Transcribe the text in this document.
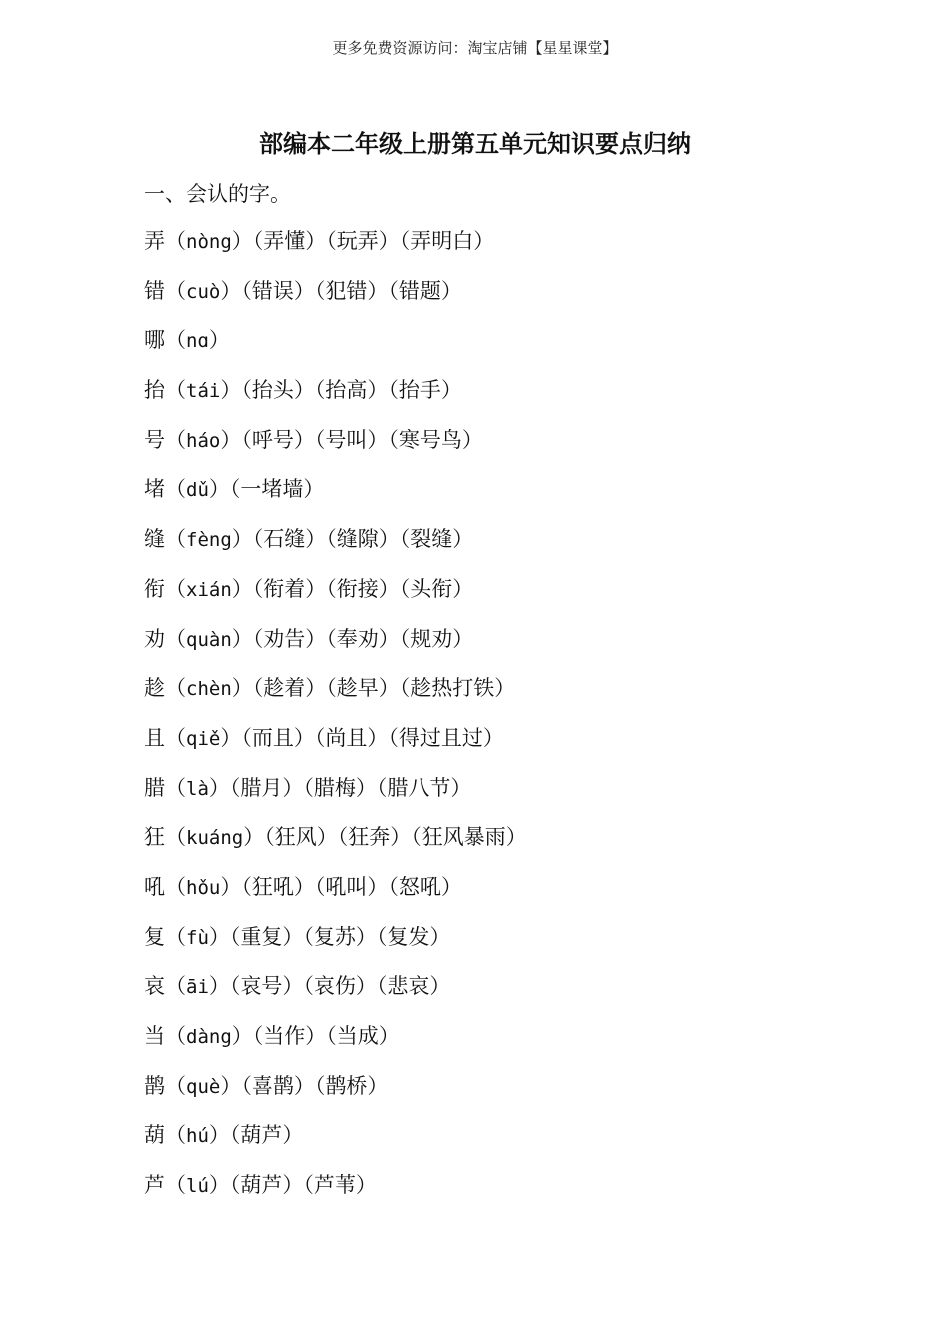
更多免费资源访问：淘宝店铺【星星课堂】
部编本二年级上册第五单元知识要点归纳
一、会认的字。
弄（nòng）（弄懂）（玩弄）（弄明白）
错（cuò）（错误）（犯错）（错题）
哪（nɑ）
抬（tái）（抬头）（抬高）（抬手）
号（háo）（呼号）（号叫）（寒号鸟）
堵（dǔ）（一堵墙）
缝（fèng）（石缝）（缝隙）（裂缝）
衔（xián）（衔着）（衔接）（头衔）
劝（quàn）（劝告）（奉劝）（规劝）
趁（chèn）（趁着）（趁早）（趁热打铁）
且（qiě）（而且）（尚且）（得过且过）
腊（là）（腊月）（腊梅）（腊八节）
狂（kuáng）（狂风）（狂奔）（狂风暴雨）
吼（hǒu）（狂吼）（吼叫）（怒吼）
复（fù）（重复）（复苏）（复发）
哀（āi）（哀号）（哀伤）（悲哀）
当（dàng）（当作）（当成）
鹊（què）（喜鹊）（鹊桥）
葫（hú）（葫芦）
芦（lú）（葫芦）（芦苇）
